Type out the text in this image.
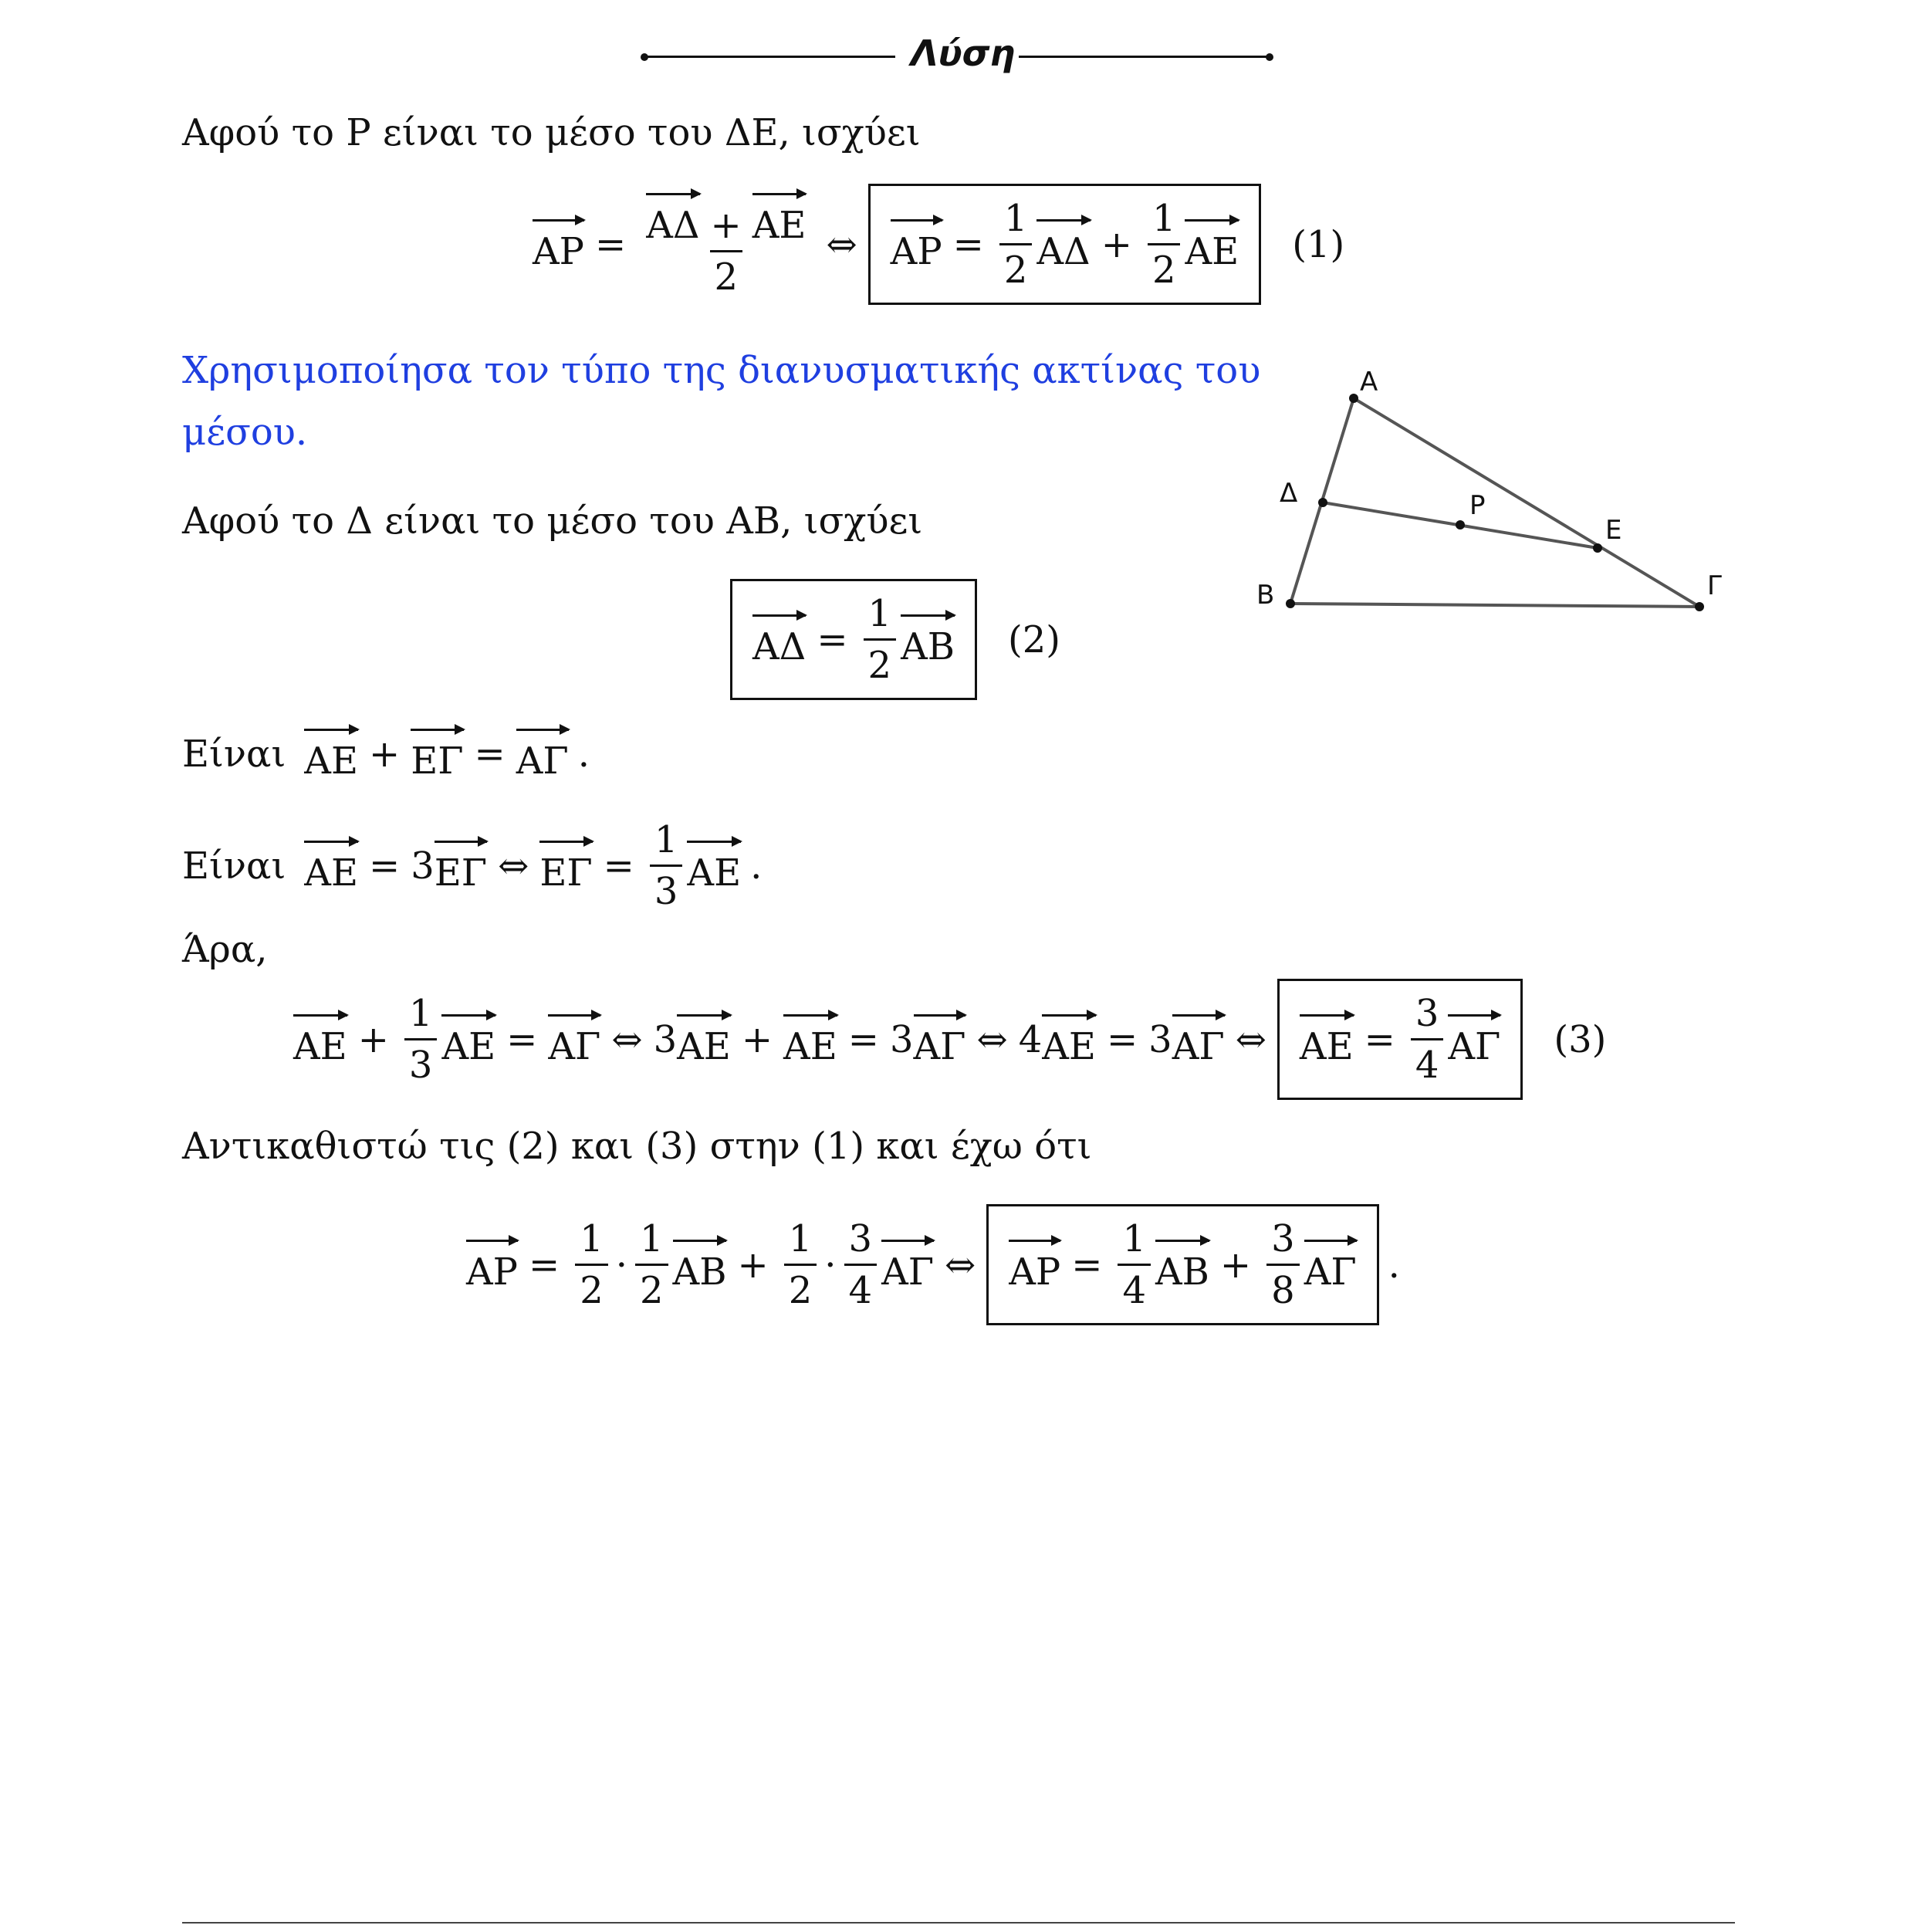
Λύση
Αφού το Ρ είναι το μέσο του ΔΕ, ισχύει
$AP = \frac{A\Delta + AE}{2}$ ⇔ $AP = \frac{1}{2}$ $A\Delta + \frac{1}{2}$ ΑΕ (1)
Χρησιμοποίησα τον τύπο της διανυσματικής ακτίνας του
μέσου.
Αφού το Δ είναι το μέσο του ΑΒ, ισχύει
$A\Delta = \frac{1}{2}$ ΑΒ (2)
Α
Δ	Ρ
Ε
Β	Γ
Είναι ΑΕ + ΕΓ = ΑΓ .
Είναι ΑΕ = 3 ΕΓ ⇔ $E\Gamma = \frac{1}{3}$ ΑΕ .
Άρα,
$AE + \frac{1}{3}$ ΑΕ = ΑΓ ⇔ 3 ΑΕ + ΑΕ = 3 ΑΓ ⇔ 4 ΑΕ = 3 ΑΓ ⇔ $AE = \frac{3}{4}$ ΑΓ (3)
Αντικαθιστώ τις (2) και (3) στην (1) και έχω ότι
$AP = \frac{1}{2} \cdot \frac{1}{2}$ $AB + \frac{1}{2} \cdot \frac{3}{4}$ ΑΓ ⇔ $AP = \frac{1}{4}$ $AB + \frac{3}{8}$ ΑΓ .
